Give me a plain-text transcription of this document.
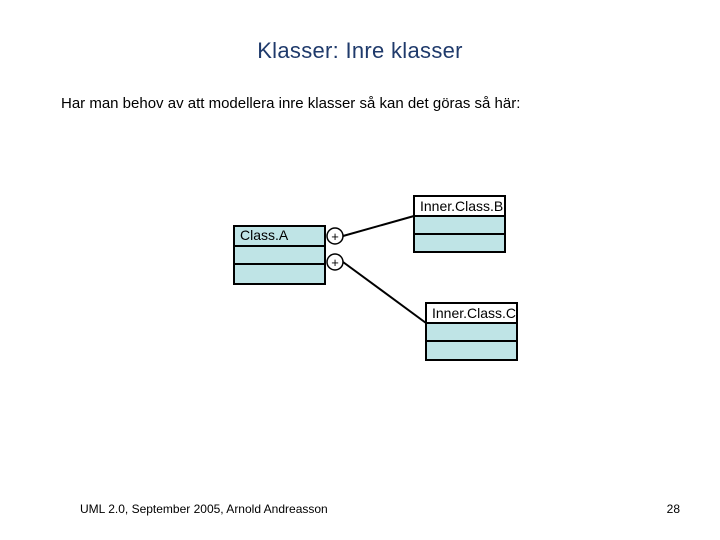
Klasser: Inre klasser
Har man behov av att modellera inre klasser så kan det göras så här:
Class.A	+
+
Inner.Class.B
Inner.Class.C
UML 2.0, September 2005, Arnold Andreasson	28
